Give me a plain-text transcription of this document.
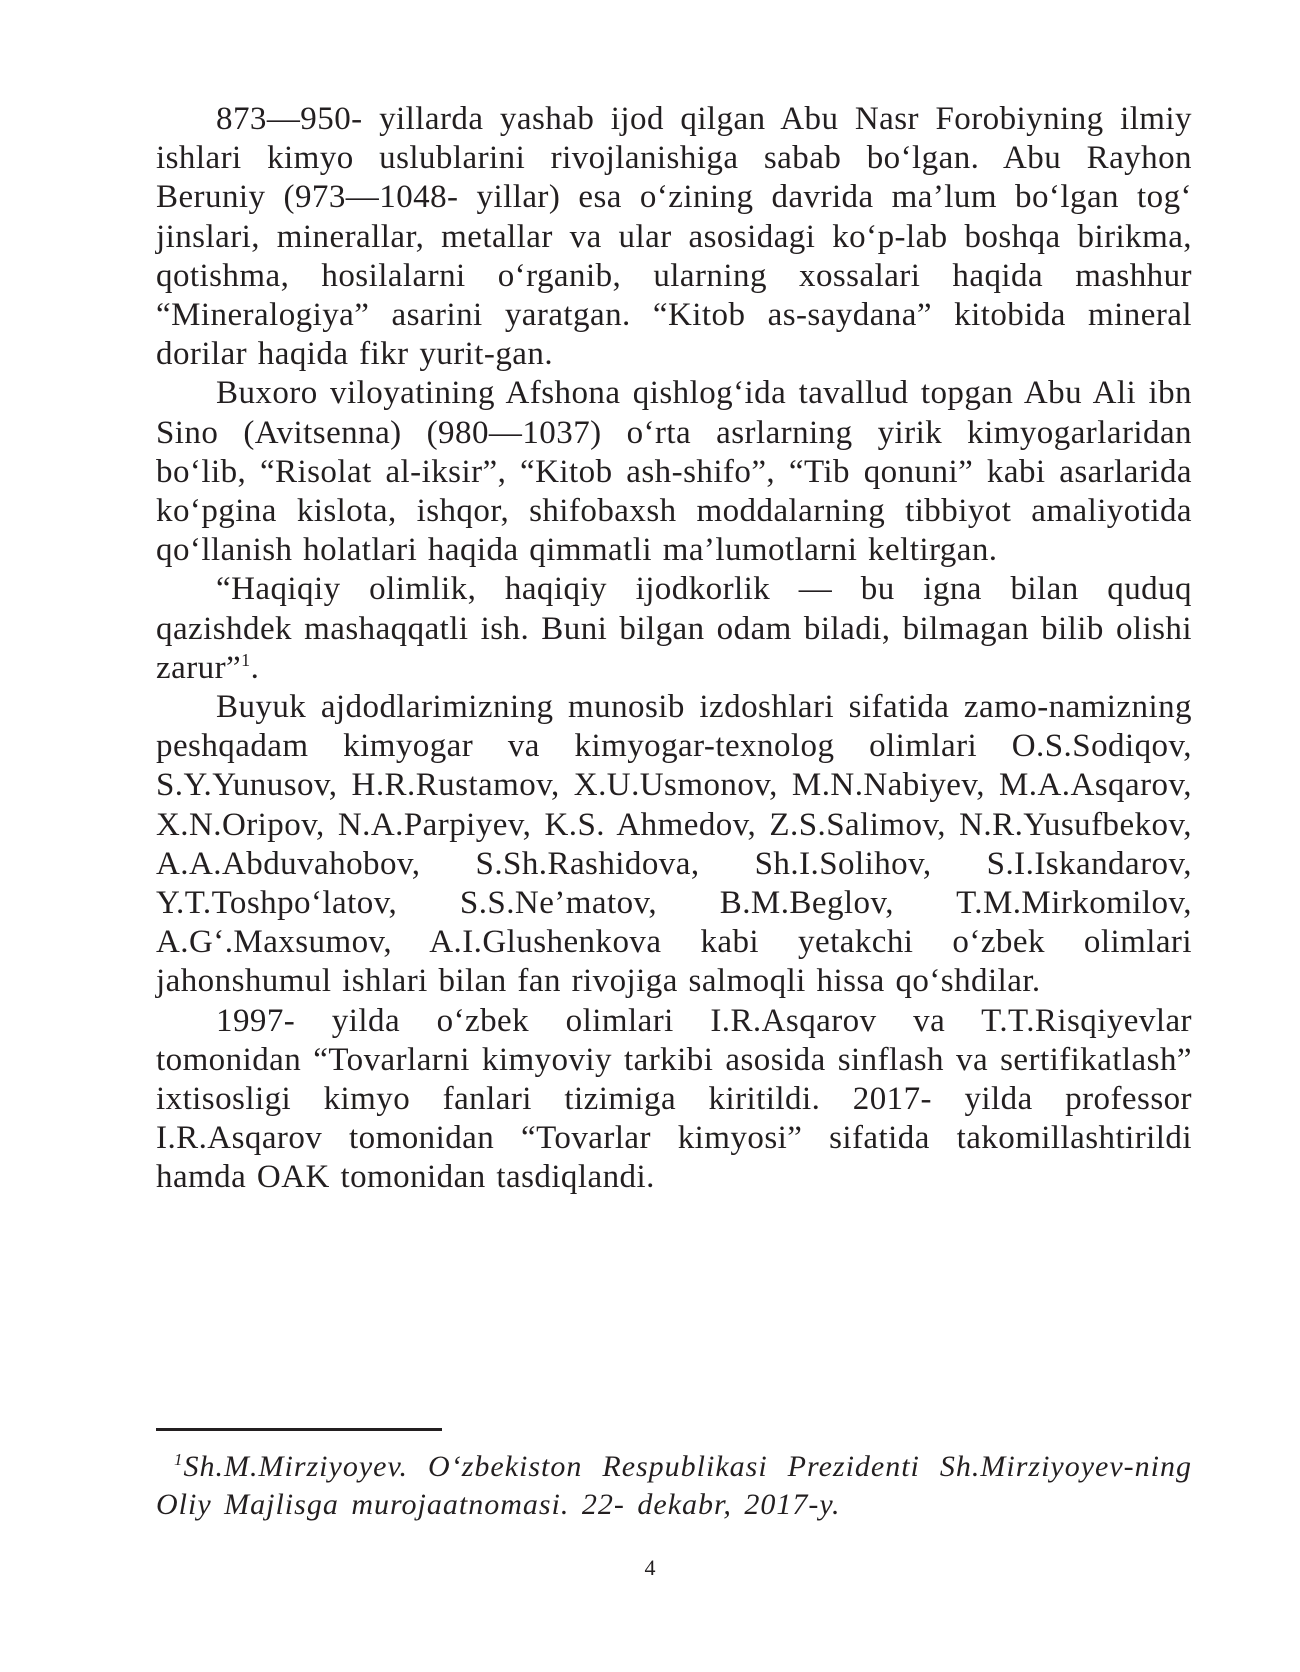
873—950- yillarda yashab ijod qilgan Abu Nasr Forobiyning ilmiy ishlari kimyo uslublarini rivojlanishiga sabab bo‘lgan. Abu Rayhon Beruniy (973—1048- yillar) esa o‘zining davrida ma’lum bo‘lgan tog‘ jinslari, minerallar, metallar va ular asosidagi ko‘p-lab boshqa birikma, qotishma, hosilalarni o‘rganib, ularning xossalari haqida mashhur “Mineralogiya” asarini yaratgan. “Kitob as-saydana” kitobida mineral dorilar haqida fikr yurit-gan.

Buxoro viloyatining Afshona qishlog‘ida tavallud topgan Abu Ali ibn Sino (Avitsenna) (980—1037) o‘rta asrlarning yirik kimyogarlaridan bo‘lib, “Risolat al-iksir”, “Kitob ash-shifo”, “Tib qonuni” kabi asarlarida ko‘pgina kislota, ishqor, shifobaxsh moddalarning tibbiyot amaliyotida qo‘llanish holatlari haqida qimmatli ma’lumotlarni keltirgan.

“Haqiqiy olimlik, haqiqiy ijodkorlik — bu igna bilan quduq qazishdek mashaqqatli ish. Buni bilgan odam biladi, bilmagan bilib olishi zarur”$^1$.

Buyuk ajdodlarimizning munosib izdoshlari sifatida zamo-namizning peshqadam kimyogar va kimyogar-texnolog olimlari O.S.Sodiqov, S.Y.Yunusov, H.R.Rustamov, X.U.Usmonov, M.N.Nabiyev, M.A.Asqarov, X.N.Oripov, N.A.Parpiyev, K.S. Ahmedov, Z.S.Salimov, N.R.Yusufbekov, A.A.Abduvahobov, S.Sh.Rashidova, Sh.I.Solihov, S.I.Iskandarov, Y.T.Toshpo‘latov, S.S.Ne’matov, B.M.Beglov, T.M.Mirkomilov, A.G‘.Maxsumov, A.I.Glushenkova kabi yetakchi o‘zbek olimlari jahonshumul ishlari bilan fan rivojiga salmoqli hissa qo‘shdilar.

1997- yilda o‘zbek olimlari I.R.Asqarov va T.T.Risqiyevlar tomonidan “Tovarlarni kimyoviy tarkibi asosida sinflash va sertifikatlash” ixtisosligi kimyo fanlari tizimiga kiritildi. 2017- yilda professor I.R.Asqarov tomonidan “Tovarlar kimyosi” sifatida takomillashtirildi hamda OAK tomonidan tasdiqlandi.

$^1$Sh.M.Mirziyoyev. O‘zbekiston Respublikasi Prezidenti Sh.Mirziyoyev-ning Oliy Majlisga murojaatnomasi. 22- dekabr, 2017-y.
4
